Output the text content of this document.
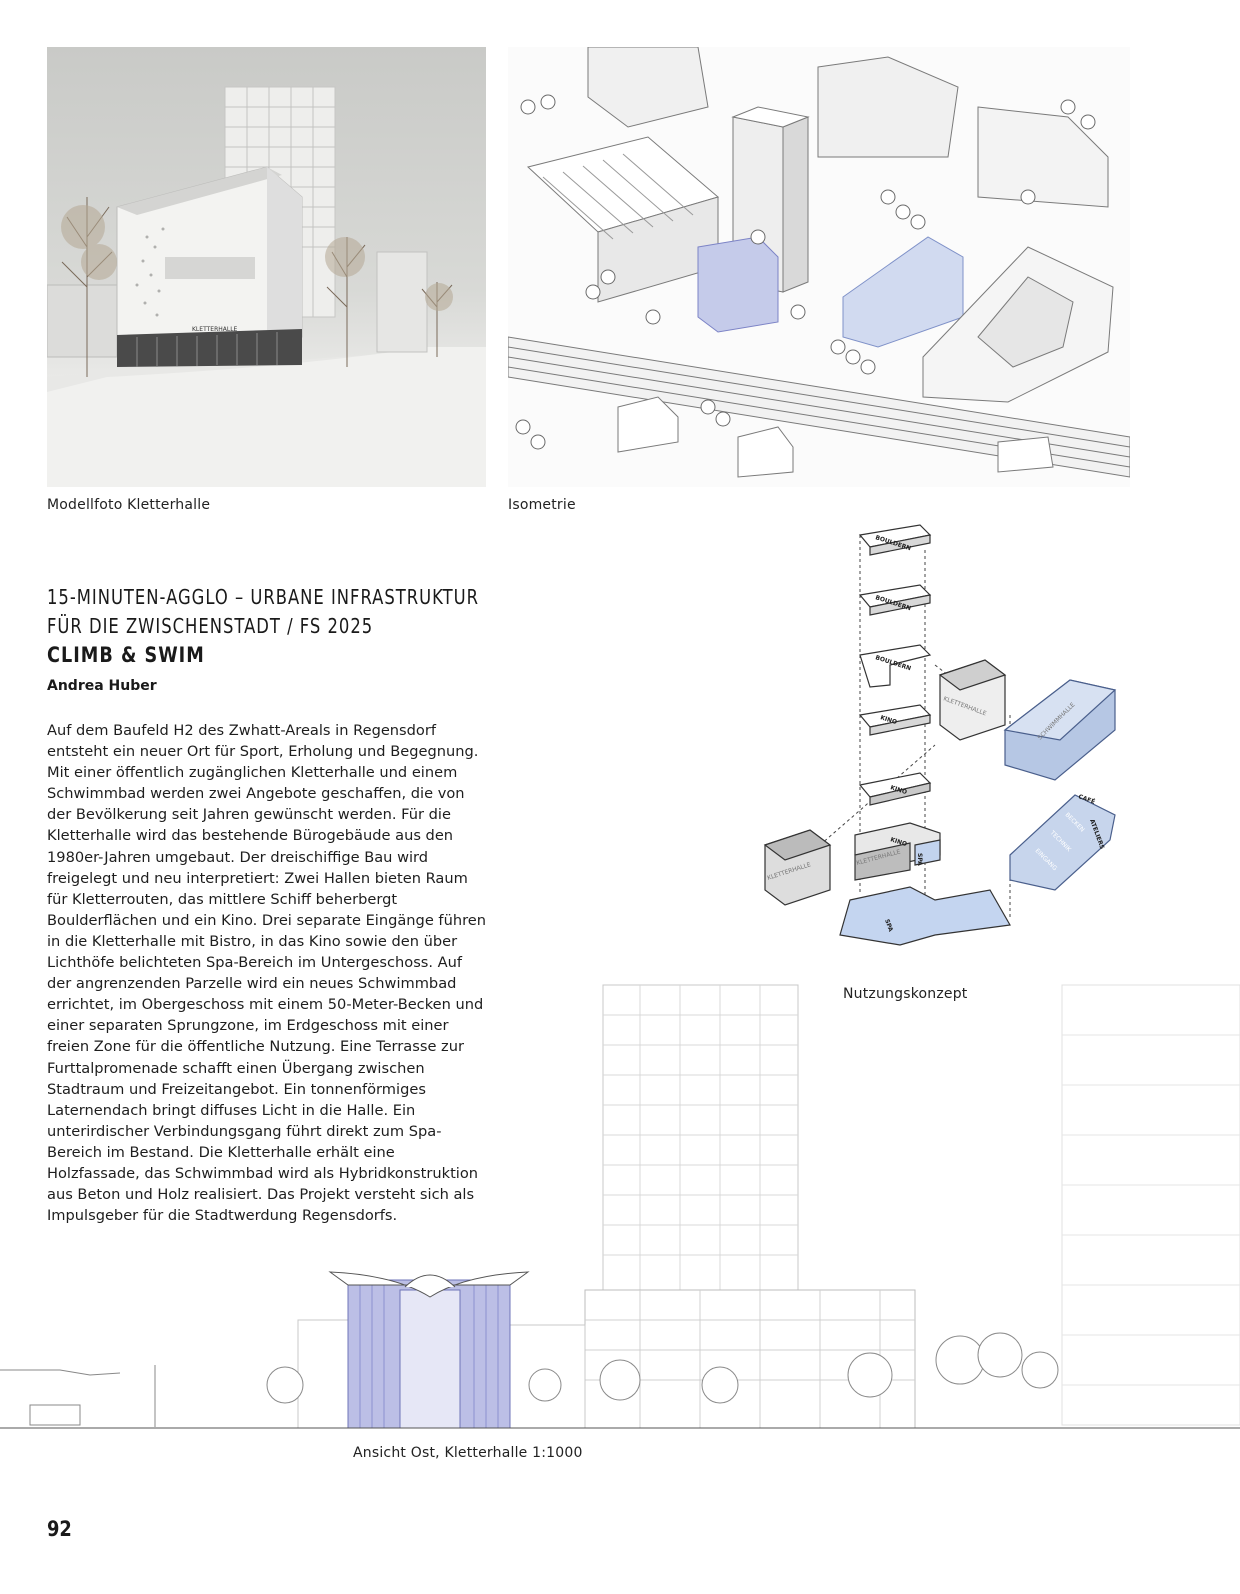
KLETTERHALLE
Modellfoto Kletterhalle	Isometrie
15-MINUTEN-AGGLO – URBANE INFRASTRUKTUR
FÜR DIE ZWISCHENSTADT / FS 2025
CLIMB & SWIM
Andrea Huber

Auf dem Baufeld H2 des Zwhatt-Areals in Regensdorf entsteht ein neuer Ort für Sport, Erholung und Begegnung. Mit einer öffentlich zugänglichen Kletterhalle und einem Schwimmbad werden zwei Angebote geschaffen, die von der Bevölkerung seit Jahren gewünscht werden. Für die Kletterhalle wird das bestehende Bürogebäude aus den 1980er-Jahren umgebaut. Der dreischiffige Bau wird freigelegt und neu interpretiert: Zwei Hallen bieten Raum für Kletterrouten, das mittlere Schiff beherbergt Boulderflächen und ein Kino. Drei separate Eingänge führen in die Kletterhalle mit Bistro, in das Kino sowie den über Lichthöfe belichteten Spa-Bereich im Untergeschoss. Auf der angrenzenden Parzelle wird ein neues Schwimmbad errichtet, im Obergeschoss mit einem 50-Meter-Becken und einer separaten Sprungzone, im Erdgeschoss mit einer freien Zone für die öffentliche Nutzung. Eine Terrasse zur Furttalpromenade schafft einen Übergang zwischen Stadtraum und Freizeitangebot. Ein tonnenförmiges Laternendach bringt diffuses Licht in die Halle. Ein unterirdischer Verbindungsgang führt direkt zum Spa-Bereich im Bestand. Die Kletterhalle erhält eine Holzfassade, das Schwimmbad wird als Hybridkonstruktion aus Beton und Holz realisiert. Das Projekt versteht sich als Impulsgeber für die Stadtwerdung Regensdorfs.

BOULDERN
BOULDERN
BOULDERN
KINO
KINO
KINO
SPA
SPA
KLETTERHALLE
KLETTERHALLE
KLETTERHALLE
SCHWIMMHALLE
BECKEN
TECHNIK
EINGANG
CAFÉ
ATELIERS
Nutzungskonzept
Ansicht Ost, Kletterhalle 1:1000
92
